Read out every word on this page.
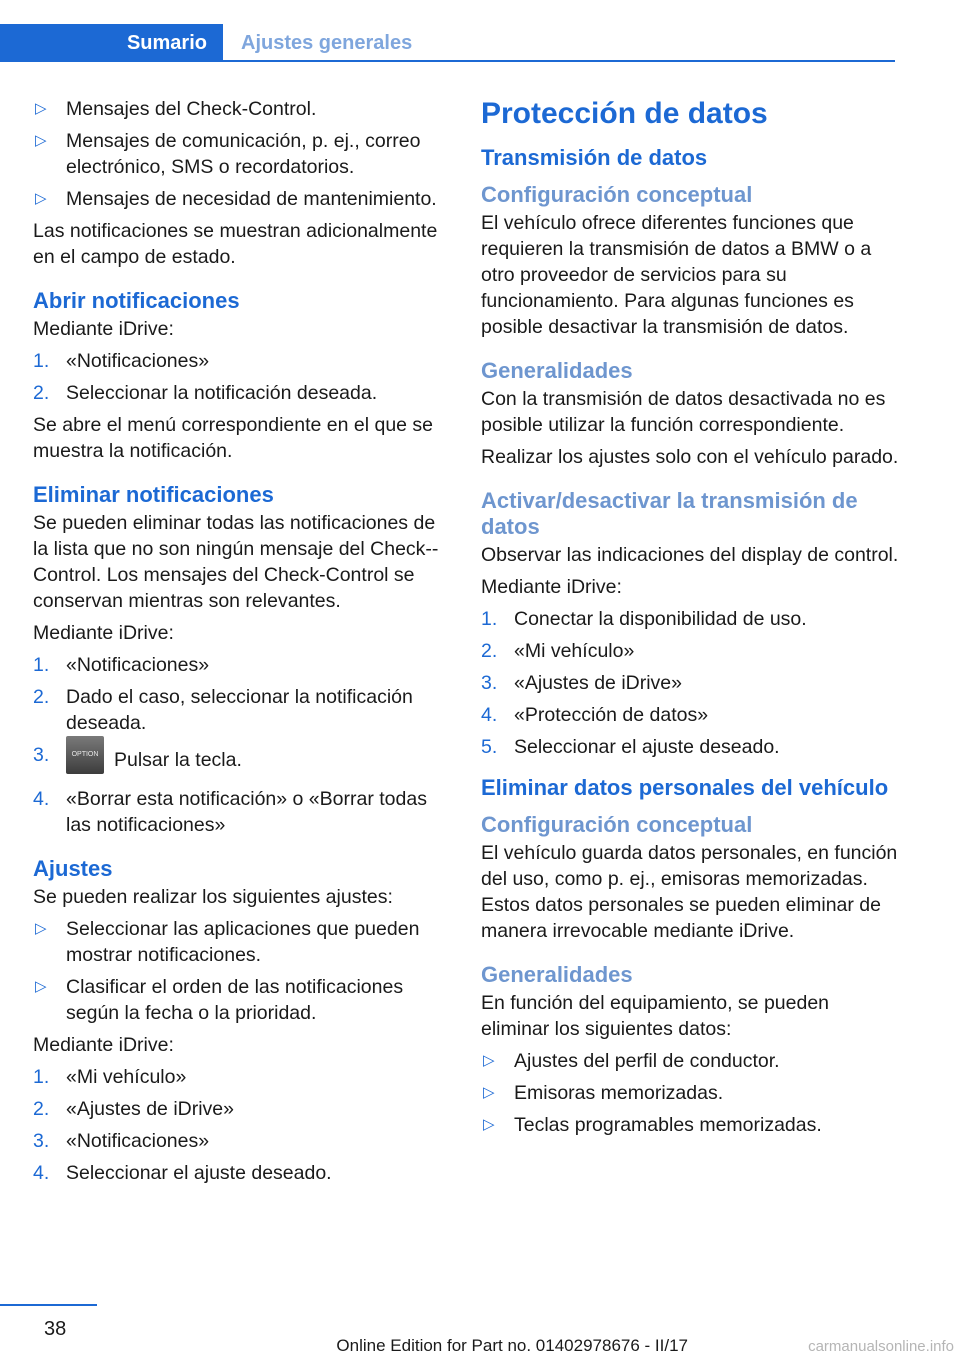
Sumario	Ajustes generales
▷ Mensajes del Check-Control.
▷ Mensajes de comunicación, p. ej., correo electrónico, SMS o recordatorios.
▷ Mensajes de necesidad de mantenimiento.

Las notificaciones se muestran adicionalmente en el campo de estado.

Abrir notificaciones

Mediante iDrive:

1. «Notificaciones»
2. Seleccionar la notificación deseada.

Se abre el menú correspondiente en el que se muestra la notificación.

Eliminar notificaciones

Se pueden eliminar todas las notificaciones de la lista que no son ningún mensaje del Check--Control. Los mensajes del Check-Control se conservan mientras son relevantes.

Mediante iDrive:

1. «Notificaciones»
2. Dado el caso, seleccionar la notificación deseada.
3.	OPTION Pulsar la tecla.
4. «Borrar esta notificación» o «Borrar todas las notificaciones»
Ajustes

Se pueden realizar los siguientes ajustes:

▷ Seleccionar las aplicaciones que pueden mostrar notificaciones.
▷ Clasificar el orden de las notificaciones según la fecha o la prioridad.

Mediante iDrive:

1. «Mi vehículo»
2. «Ajustes de iDrive»
3. «Notificaciones»
4. Seleccionar el ajuste deseado.
Protección de datos
Transmisión de datos
Configuración conceptual

El vehículo ofrece diferentes funciones que requieren la transmisión de datos a BMW o a otro proveedor de servicios para su funcionamiento. Para algunas funciones es posible desactivar la transmisión de datos.

Generalidades

Con la transmisión de datos desactivada no es posible utilizar la función correspondiente.

Realizar los ajustes solo con el vehículo parado.

Activar/desactivar la transmisión de datos

Observar las indicaciones del display de control.

Mediante iDrive:

1. Conectar la disponibilidad de uso.
2. «Mi vehículo»
3. «Ajustes de iDrive»
4. «Protección de datos»
5. Seleccionar el ajuste deseado.
Eliminar datos personales del vehículo
Configuración conceptual

El vehículo guarda datos personales, en función del uso, como p. ej., emisoras memorizadas. Estos datos personales se pueden eliminar de manera irrevocable mediante iDrive.

Generalidades

En función del equipamiento, se pueden eliminar los siguientes datos:

▷ Ajustes del perfil de conductor.
▷ Emisoras memorizadas.
▷ Teclas programables memorizadas.
38
Online Edition for Part no. 01402978676 - II/17	carmanualsonline.info
